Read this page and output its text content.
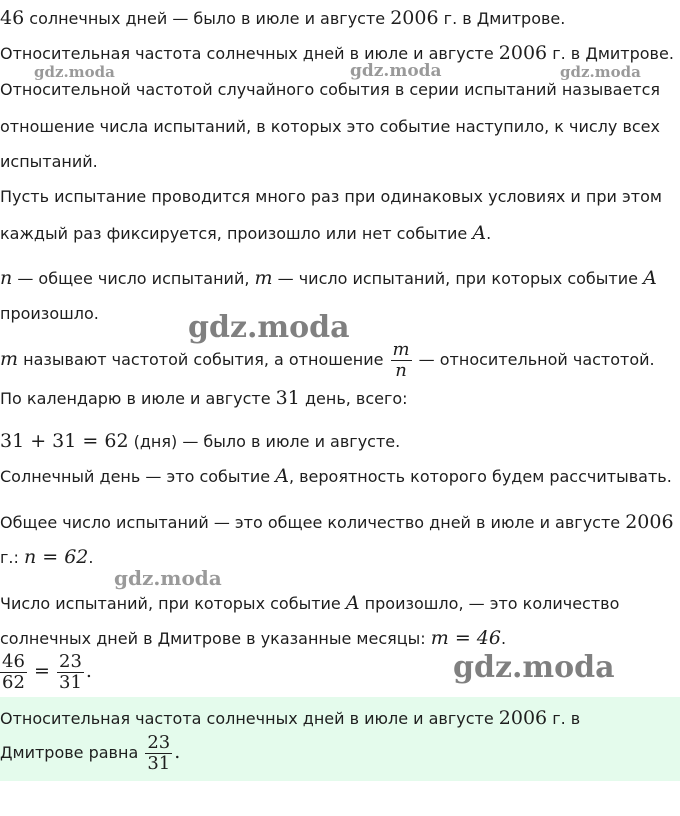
46 солнечных дней — было в июле и августе 2006 г. в Дмитрове.
Относительная частота солнечных дней в июле и августе 2006 г. в Дмитрове.
Относительной частотой случайного события в серии испытаний называется
отношение числа испытаний, в которых это событие наступило, к числу всех
испытаний.
Пусть испытание проводится много раз при одинаковых условиях и при этом
каждый раз фиксируется, произошло или нет событие A.
n — общее число испытаний, m — число испытаний, при которых событие A
произошло.
m называют частотой события, а отношение $\frac{m}{n}$ — относительной частотой.
По календарю в июле и августе 31 день, всего:
31 + 31 = 62 (дня) — было в июле и августе.
Солнечный день — это событие A, вероятность которого будем рассчитывать.
Общее число испытаний — это общее количество дней в июле и августе 2006
г.: n = 62.
Число испытаний, при которых событие A произошло, — это количество
солнечных дней в Дмитрове в указанные месяцы: m = 46.
$\frac{46}{62} = \frac{23}{31}$ .
Относительная частота солнечных дней в июле и августе 2006 г. в
Дмитрове равна $\frac{23}{31}$ .
gdz.moda	gdz.moda	gdz.moda
gdz.moda
gdz.moda
gdz.moda
